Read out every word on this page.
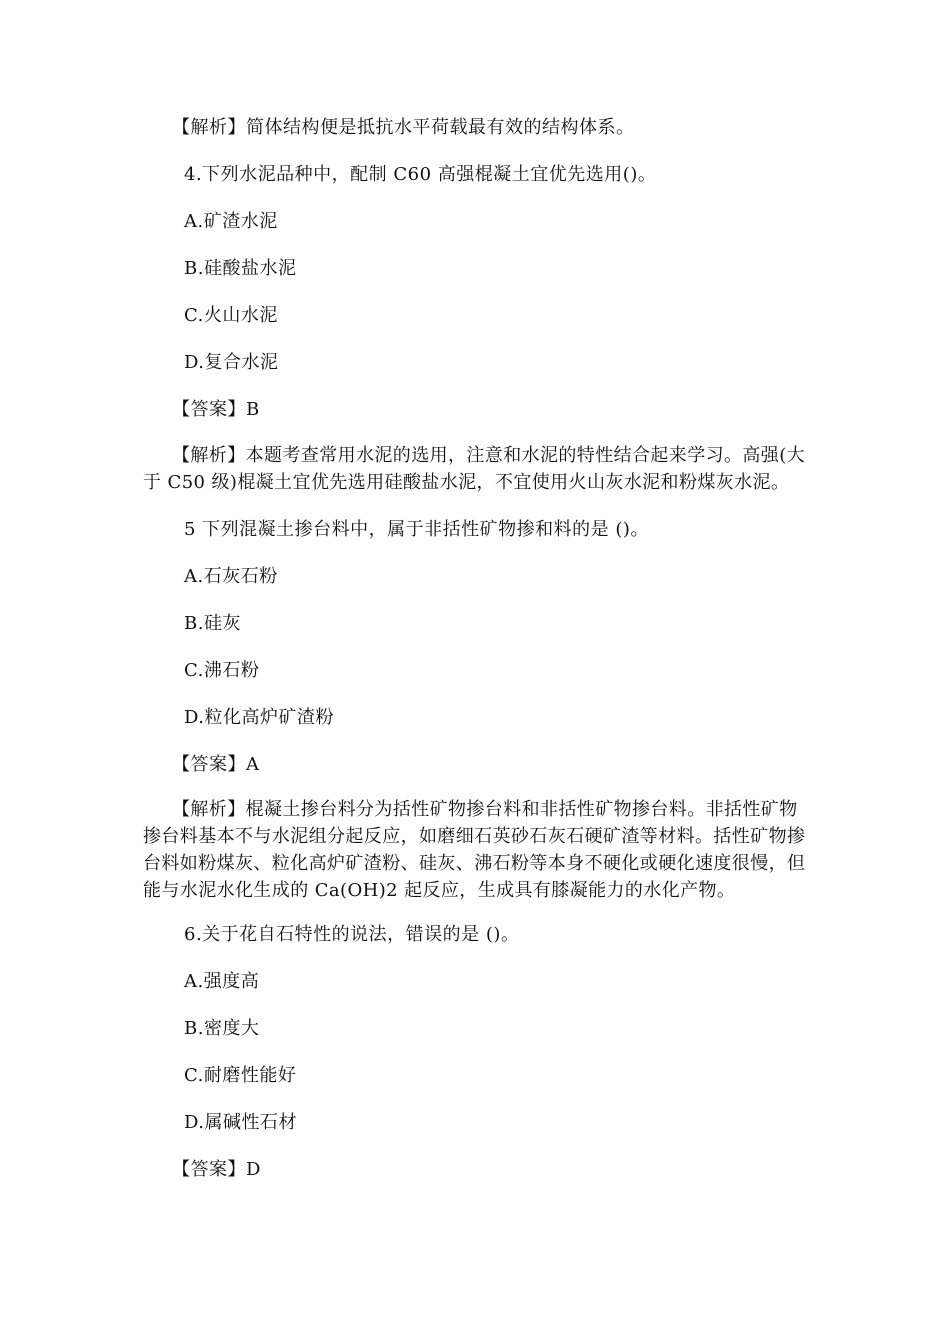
【解析】简体结构便是抵抗水平荷载最有效的结构体系。
4.下列水泥品种中，配制 C60 高强棍凝土宜优先选用()。
A.矿渣水泥
B.硅酸盐水泥
C.火山水泥
D.复合水泥
【答案】B
【解析】本题考查常用水泥的选用，注意和水泥的特性结合起来学习。高强(大于 C50 级)棍凝土宜优先选用硅酸盐水泥，不宜使用火山灰水泥和粉煤灰水泥。
5 下列混凝土掺台料中，属于非括性矿物掺和料的是 ()。
A.石灰石粉
B.硅灰
C.沸石粉
D.粒化高炉矿渣粉
【答案】A
【解析】棍凝土掺台料分为括性矿物掺台料和非括性矿物掺台料。非括性矿物掺台料基本不与水泥组分起反应，如磨细石英砂石灰石硬矿渣等材料。括性矿物掺台料如粉煤灰、粒化高炉矿渣粉、硅灰、沸石粉等本身不硬化或硬化速度很慢，但能与水泥水化生成的 Ca(OH)2 起反应，生成具有膝凝能力的水化产物。
6.关于花自石特性的说法，错误的是 ()。
A.强度高
B.密度大
C.耐磨性能好
D.属碱性石材
【答案】D
